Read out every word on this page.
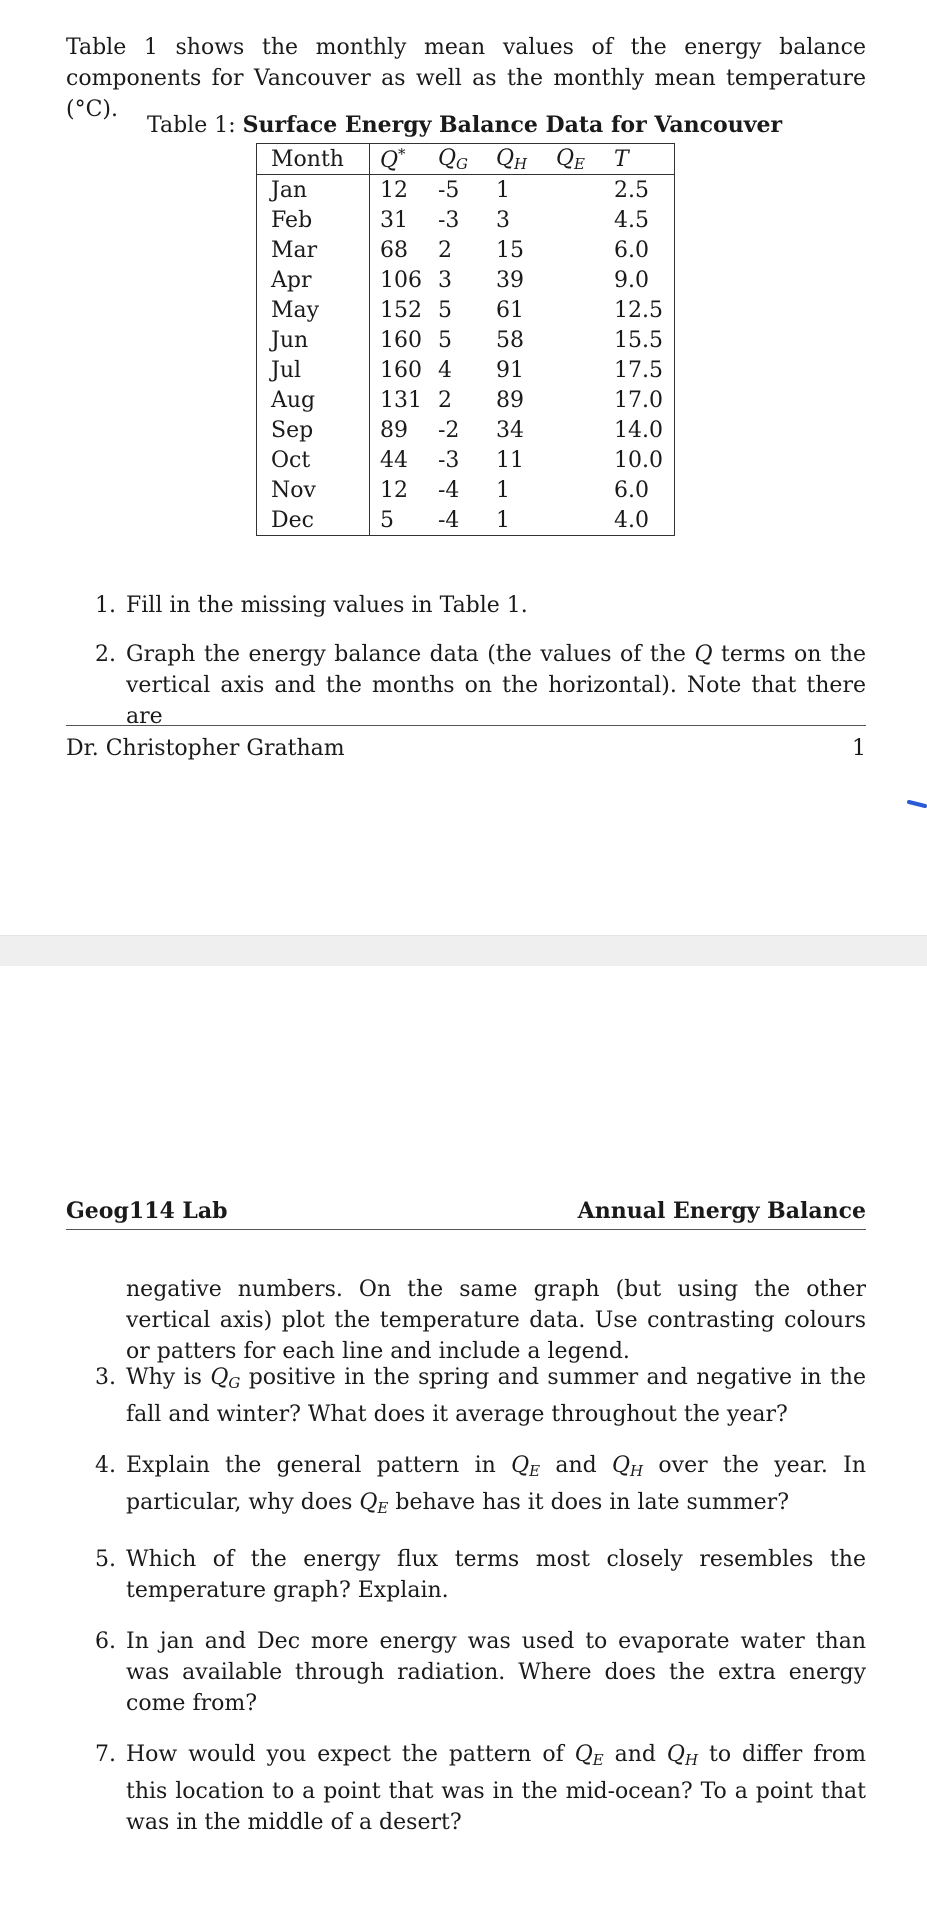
Table 1 shows the monthly mean values of the energy balance components for Vancouver as well as the monthly mean temperature (°C).

Table 1: Surface Energy Balance Data for Vancouver
Month	Q*	$Q_G$	$Q_H$	$Q_E$	T
Jan	12	-5	1		2.5
Feb	31	-3	3		4.5
Mar	68	2	15		6.0
Apr	106	3	39		9.0
May	152	5	61		12.5
Jun	160	5	58		15.5
Jul	160	4	91		17.5
Aug	131	2	89		17.0
Sep	89	-2	34		14.0
Oct	44	-3	11		10.0
Nov	12	-4	1		6.0
Dec	5	-4	1		4.0
1. Fill in the missing values in Table 1.
2. Graph the energy balance data (the values of the Q terms on the vertical axis and the months on the horizontal). Note that there are
Dr. Christopher Gratham	1
Geog114 Lab	Annual Energy Balance

negative numbers. On the same graph (but using the other vertical axis) plot the temperature data. Use contrasting colours or patters for each line and include a legend.

3. Why is $Q_G$ positive in the spring and summer and negative in the fall and winter? What does it average throughout the year?
4. Explain the general pattern in $Q_E$ and $Q_H$ over the year. In particular, why does $Q_E$ behave has it does in late summer?
5. Which of the energy flux terms most closely resembles the temperature graph? Explain.
6. In jan and Dec more energy was used to evaporate water than was available through radiation. Where does the extra energy come from?
7. How would you expect the pattern of $Q_E$ and $Q_H$ to differ from this location to a point that was in the mid-ocean? To a point that was in the middle of a desert?
